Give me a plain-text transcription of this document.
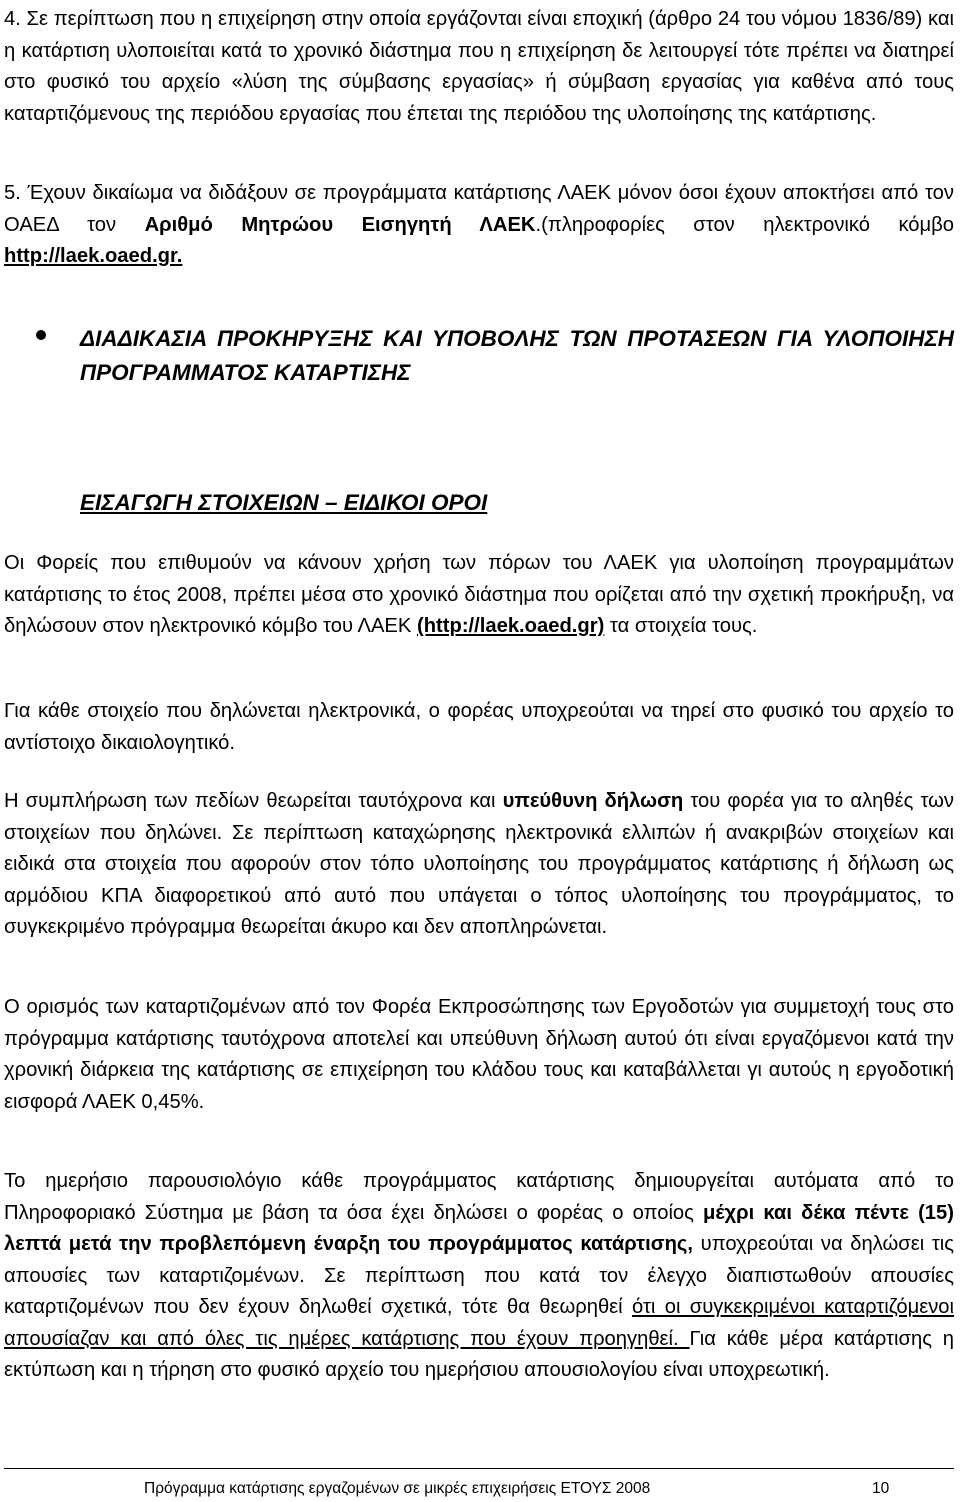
4. Σε περίπτωση που η επιχείρηση στην οποία εργάζονται είναι εποχική (άρθρο 24 του νόμου 1836/89) και η κατάρτιση υλοποιείται κατά το χρονικό διάστημα που η επιχείρηση δε λειτουργεί τότε πρέπει να διατηρεί στο φυσικό του αρχείο «λύση της σύμβασης εργασίας» ή σύμβαση εργασίας για καθένα από τους καταρτιζόμενους της περιόδου εργασίας που έπεται της περιόδου της υλοποίησης της κατάρτισης.

5. Έχουν δικαίωμα να διδάξουν σε προγράμματα κατάρτισης ΛΑΕΚ μόνον όσοι έχουν αποκτήσει από τον ΟΑΕΔ τον Αριθμό Μητρώου Εισηγητή ΛΑΕΚ.(πληροφορίες στον ηλεκτρονικό κόμβο http://laek.oaed.gr.

ΔΙΑΔΙΚΑΣΙΑ ΠΡΟΚΗΡΥΞΗΣ ΚΑΙ ΥΠΟΒΟΛΗΣ ΤΩΝ ΠΡΟΤΑΣΕΩΝ ΓΙΑ ΥΛΟΠΟΙΗΣΗ ΠΡΟΓΡΑΜΜΑΤΟΣ ΚΑΤΑΡΤΙΣΗΣ

ΕΙΣΑΓΩΓΗ ΣΤΟΙΧΕΙΩΝ – ΕΙΔΙΚΟΙ ΟΡΟΙ

Οι Φορείς που επιθυμούν να κάνουν χρήση των πόρων του ΛΑΕΚ για υλοποίηση προγραμμάτων κατάρτισης το έτος 2008, πρέπει μέσα στο χρονικό διάστημα που ορίζεται από την σχετική προκήρυξη, να δηλώσουν στον ηλεκτρονικό κόμβο του ΛΑΕΚ (http://laek.oaed.gr) τα στοιχεία τους.

Για κάθε στοιχείο που δηλώνεται ηλεκτρονικά, ο φορέας υποχρεούται να τηρεί στο φυσικό του αρχείο το αντίστοιχο δικαιολογητικό.

Η συμπλήρωση των πεδίων θεωρείται ταυτόχρονα και υπεύθυνη δήλωση του φορέα για το αληθές των στοιχείων που δηλώνει. Σε περίπτωση καταχώρησης ηλεκτρονικά ελλιπών ή ανακριβών στοιχείων και ειδικά στα στοιχεία που αφορούν στον τόπο υλοποίησης του προγράμματος κατάρτισης ή δήλωση ως αρμόδιου ΚΠΑ διαφορετικού από αυτό που υπάγεται ο τόπος υλοποίησης του προγράμματος, το συγκεκριμένο πρόγραμμα θεωρείται άκυρο και δεν αποπληρώνεται.

Ο ορισμός των καταρτιζομένων από τον Φορέα Εκπροσώπησης των Εργοδοτών για συμμετοχή τους στο πρόγραμμα κατάρτισης ταυτόχρονα αποτελεί και υπεύθυνη δήλωση αυτού ότι είναι εργαζόμενοι κατά την χρονική διάρκεια της κατάρτισης σε επιχείρηση του κλάδου τους και καταβάλλεται γι αυτούς η εργοδοτική εισφορά ΛΑΕΚ 0,45%.

Το ημερήσιο παρουσιολόγιο κάθε προγράμματος κατάρτισης δημιουργείται αυτόματα από το Πληροφοριακό Σύστημα με βάση τα όσα έχει δηλώσει ο φορέας ο οποίος μέχρι και δέκα πέντε (15) λεπτά μετά την προβλεπόμενη έναρξη του προγράμματος κατάρτισης, υποχρεούται να δηλώσει τις απουσίες των καταρτιζομένων. Σε περίπτωση που κατά τον έλεγχο διαπιστωθούν απουσίες καταρτιζομένων που δεν έχουν δηλωθεί σχετικά, τότε θα θεωρηθεί ότι οι συγκεκριμένοι καταρτιζόμενοι απουσίαζαν και από όλες τις ημέρες κατάρτισης που έχουν προηγηθεί. Για κάθε μέρα κατάρτισης η εκτύπωση και η τήρηση στο φυσικό αρχείο του ημερήσιου απουσιολογίου είναι υποχρεωτική.

Πρόγραμμα κατάρτισης εργαζομένων σε μικρές επιχειρήσεις ΕΤΟΥΣ 2008	10
